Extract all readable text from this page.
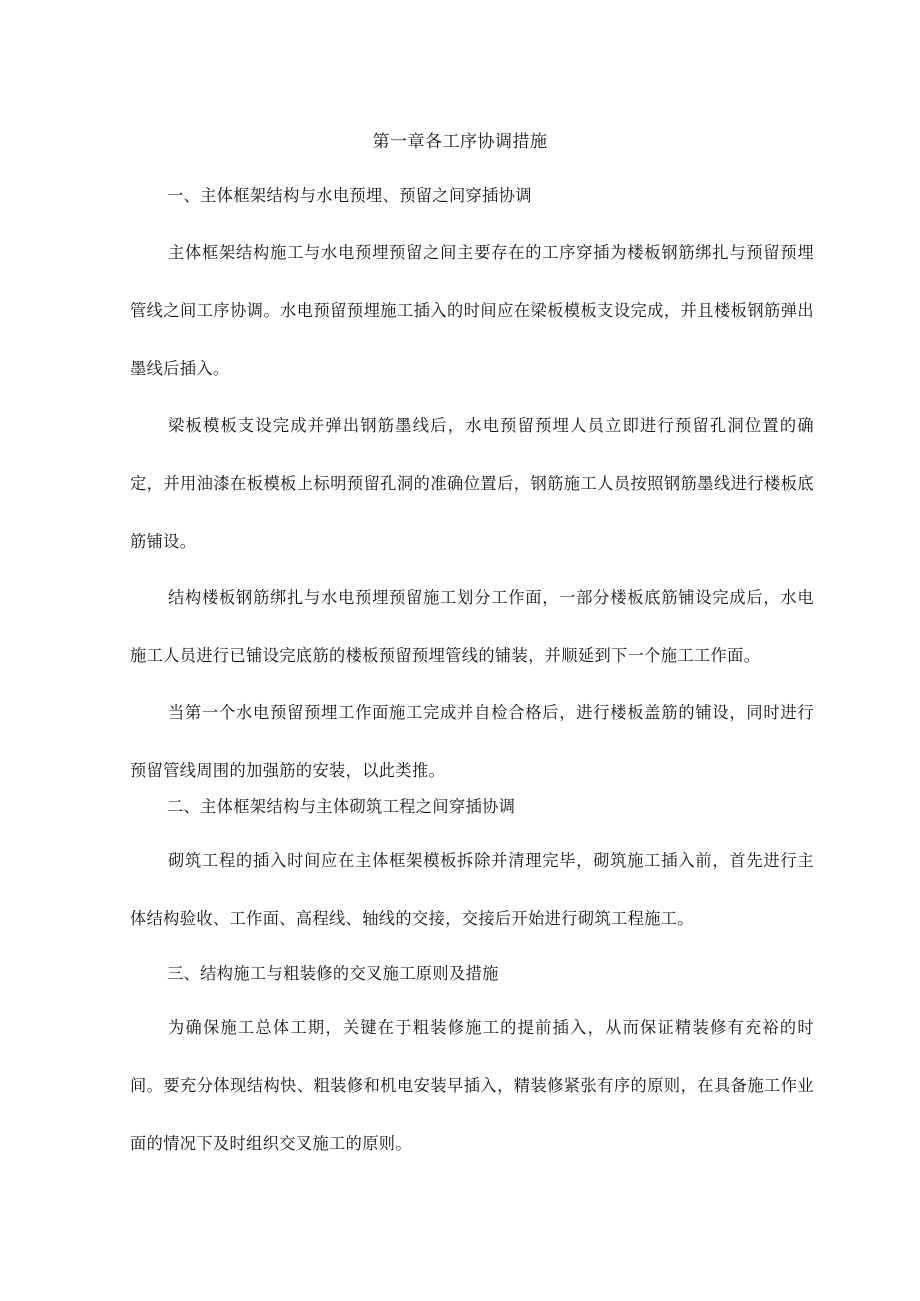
第一章各工序协调措施
一、主体框架结构与水电预埋、预留之间穿插协调
主体框架结构施工与水电预埋预留之间主要存在的工序穿插为楼板钢筋绑扎与预留预埋管线之间工序协调。水电预留预埋施工插入的时间应在梁板模板支设完成，并且楼板钢筋弹出墨线后插入。
梁板模板支设完成并弹出钢筋墨线后，水电预留预埋人员立即进行预留孔洞位置的确定，并用油漆在板模板上标明预留孔洞的准确位置后，钢筋施工人员按照钢筋墨线进行楼板底筋铺设。
结构楼板钢筋绑扎与水电预埋预留施工划分工作面，一部分楼板底筋铺设完成后，水电施工人员进行已铺设完底筋的楼板预留预埋管线的铺装，并顺延到下一个施工工作面。
当第一个水电预留预埋工作面施工完成并自检合格后，进行楼板盖筋的铺设，同时进行预留管线周围的加强筋的安装，以此类推。
二、主体框架结构与主体砌筑工程之间穿插协调
砌筑工程的插入时间应在主体框架模板拆除并清理完毕，砌筑施工插入前，首先进行主体结构验收、工作面、高程线、轴线的交接，交接后开始进行砌筑工程施工。
三、结构施工与粗装修的交叉施工原则及措施
为确保施工总体工期，关键在于粗装修施工的提前插入，从而保证精装修有充裕的时间。要充分体现结构快、粗装修和机电安装早插入，精装修紧张有序的原则，在具备施工作业面的情况下及时组织交叉施工的原则。
